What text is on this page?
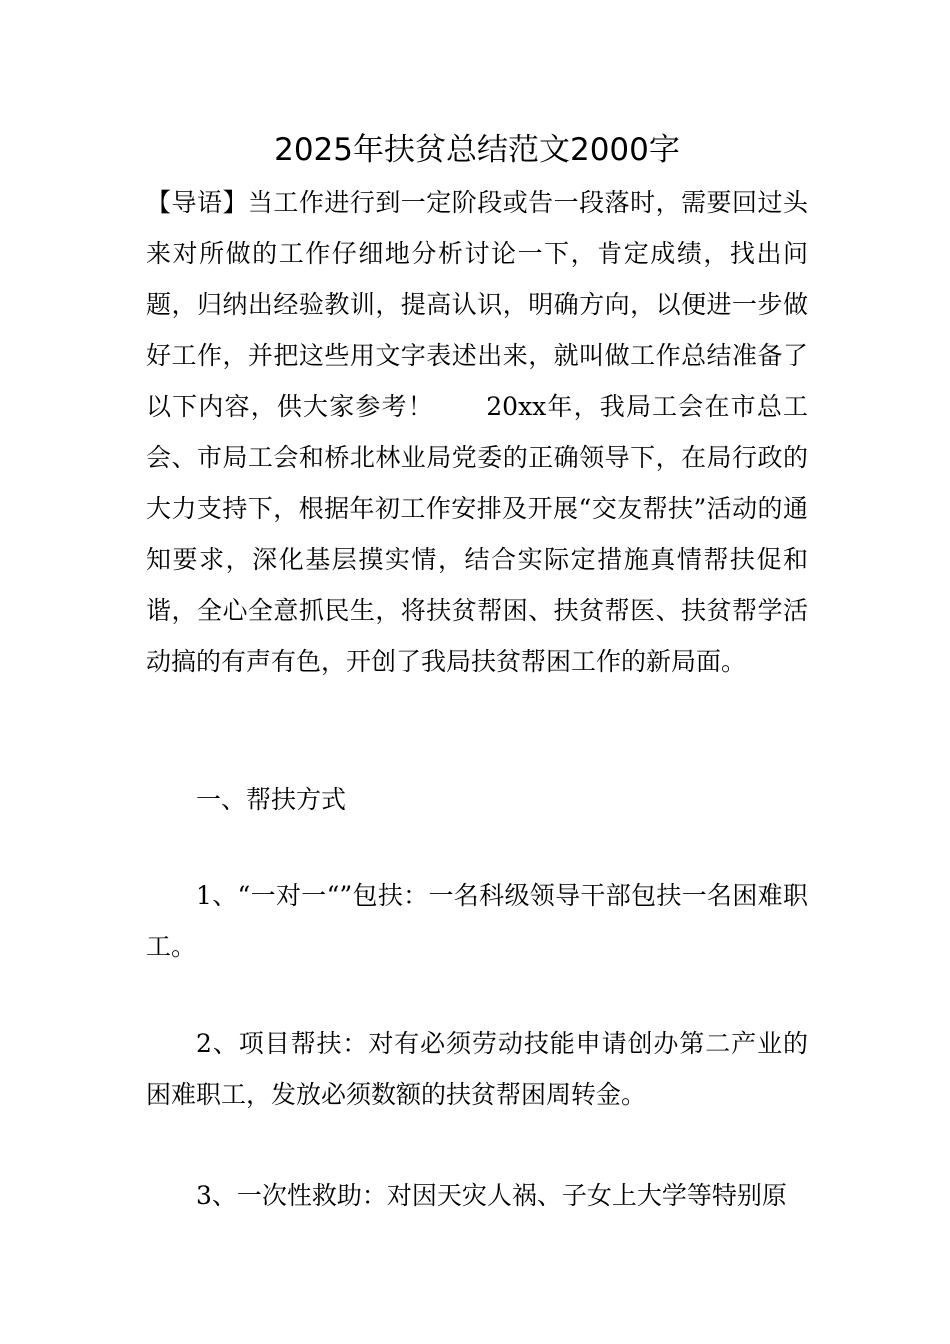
2025年扶贫总结范文2000字

【导语】当工作进行到一定阶段或告一段落时，需要回过头来对所做的工作仔细地分析讨论一下，肯定成绩，找出问题，归纳出经验教训，提高认识，明确方向，以便进一步做好工作，并把这些用文字表述出来，就叫做工作总结准备了以下内容，供大家参考！　　20xx年，我局工会在市总工会、市局工会和桥北林业局党委的正确领导下，在局行政的大力支持下，根据年初工作安排及开展“交友帮扶”活动的通知要求，深化基层摸实情，结合实际定措施真情帮扶促和谐，全心全意抓民生，将扶贫帮困、扶贫帮医、扶贫帮学活动搞的有声有色，开创了我局扶贫帮困工作的新局面。

一、帮扶方式

1、“一对一“”包扶：一名科级领导干部包扶一名困难职工。

2、项目帮扶：对有必须劳动技能申请创办第二产业的困难职工，发放必须数额的扶贫帮困周转金。

3、一次性救助：对因天灾人祸、子女上大学等特别原
